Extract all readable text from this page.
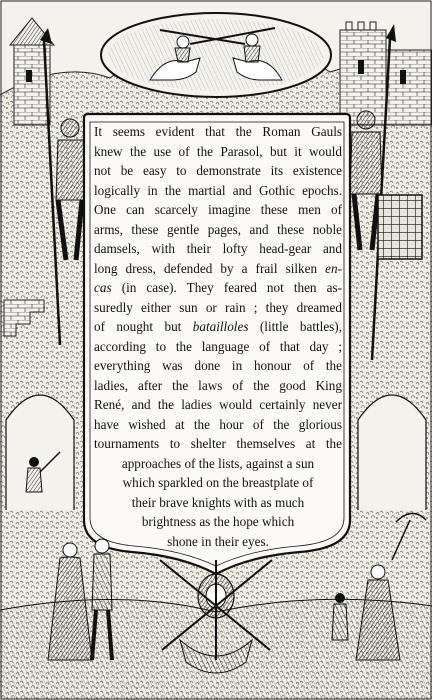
It seems evident that the Roman Gauls
knew the use of the Parasol, but it would
not be easy to demonstrate its existence
logically in the martial and Gothic epochs.
One can scarcely imagine these men of
arms, these gentle pages, and these noble
damsels, with their lofty head-gear and
long dress, defended by a frail silken en-
cas (in case). They feared not then as-
suredly either sun or rain ; they dreamed
of nought but batailloles (little battles),
according to the language of that day ;
everything was done in honour of the
ladies, after the laws of the good King
René, and the ladies would certainly never
have wished at the hour of the glorious
tournaments to shelter themselves at the
approaches of the lists, against a sun
which sparkled on the breastplate of
their brave knights with as much
brightness as the hope which
shone in their eyes.
